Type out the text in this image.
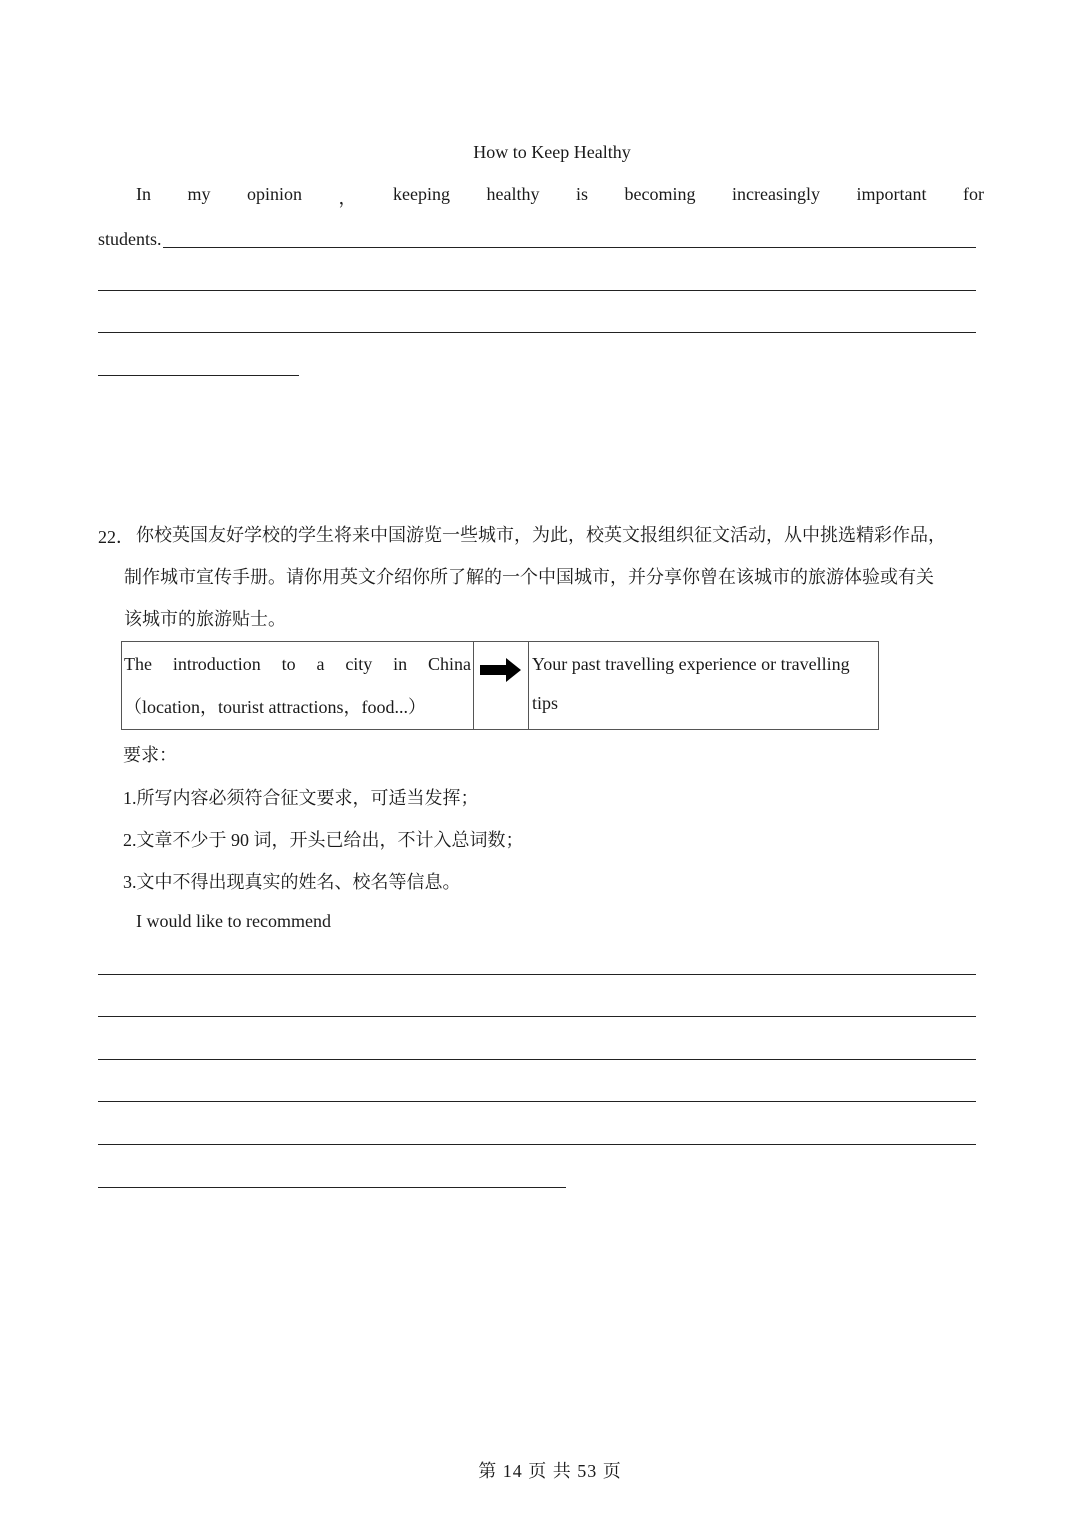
How to Keep Healthy
In my opinion ， keeping healthy is becoming increasingly important for
students.
22． 你校英国友好学校的学生将来中国游览一些城市，为此，校英文报组织征文活动，从中挑选精彩作品，
制作城市宣传手册。请你用英文介绍你所了解的一个中国城市，并分享你曾在该城市的旅游体验或有关
该城市的旅游贴士。
The introduction to a city in China
（location，tourist attractions，food...）
Your past travelling experience or travelling
tips
要求：
1.所写内容必须符合征文要求，可适当发挥；
2.文章不少于 90 词，开头已给出，不计入总词数；
3.文中不得出现真实的姓名、校名等信息。
I would like to recommend
第 14 页 共 53 页
